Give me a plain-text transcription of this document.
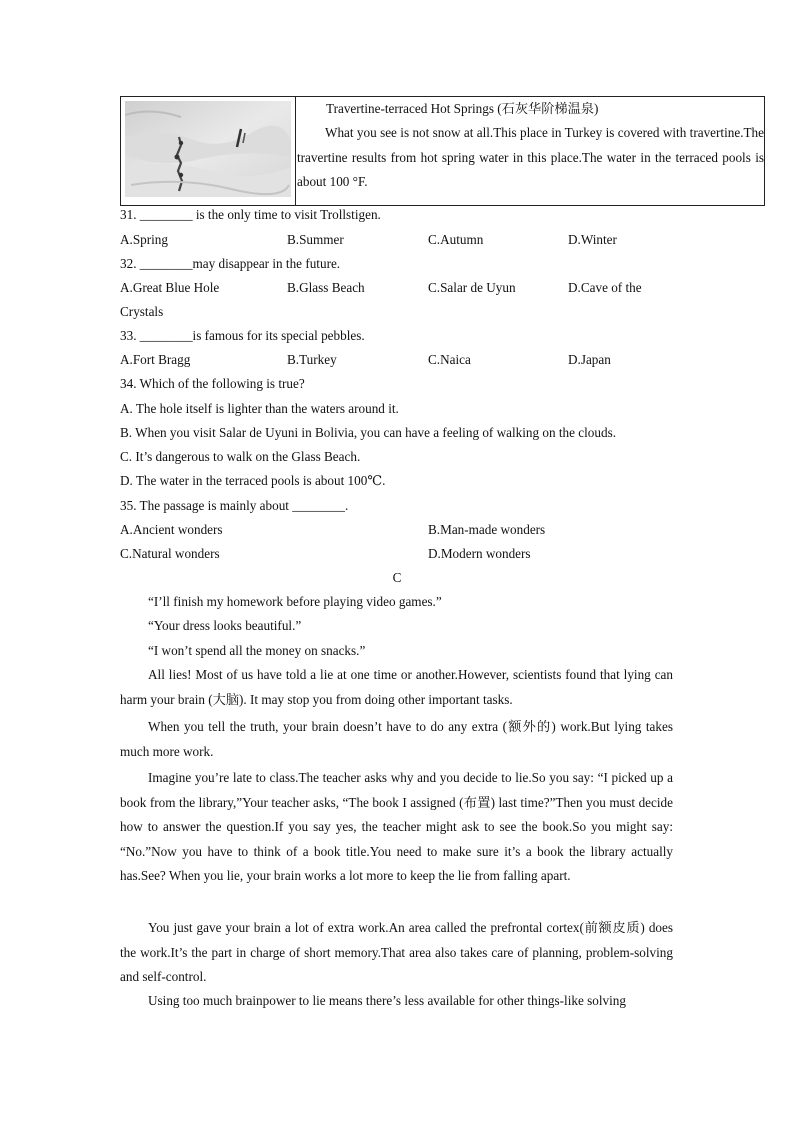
Travertine-terraced Hot Springs (石灰华阶梯温泉)
What you see is not snow at all.This place in Turkey is covered with travertine.The travertine results from hot spring water in this place.The water in the terraced pools is about 100 °F.
31. ________ is the only time to visit Trollstigen.
A.Spring	B.Summer	C.Autumn	D.Winter
32. ________may disappear in the future.
A.Great Blue Hole	B.Glass Beach	C.Salar de Uyun	D.Cave of the
Crystals
33. ________is famous for its special pebbles.
A.Fort Bragg	B.Turkey	C.Naica	D.Japan
34. Which of the following is true?
A. The hole itself is lighter than the waters around it.
B. When you visit Salar de Uyuni in Bolivia, you can have a feeling of walking on the clouds.
C. It’s dangerous to walk on the Glass Beach.
D. The water in the terraced pools is about 100℃.
35. The passage is mainly about ________.
A.Ancient wonders	B.Man-made wonders
C.Natural wonders	D.Modern wonders
C
“I’ll finish my homework before playing video games.”
“Your dress looks beautiful.”
“I won’t spend all the money on snacks.”
All lies! Most of us have told a lie at one time or another.However, scientists found that lying can harm your brain (大脑). It may stop you from doing other important tasks.
When you tell the truth, your brain doesn’t have to do any extra (额外的) work.But lying takes much more work.
Imagine you’re late to class.The teacher asks why and you decide to lie.So you say: “I picked up a book from the library,”Your teacher asks, “The book I assigned (布置) last time?”Then you must decide how to answer the question.If you say yes, the teacher might ask to see the book.So you might say: “No.”Now you have to think of a book title.You need to make sure it’s a book the library actually has.See? When you lie, your brain works a lot more to keep the lie from falling apart.
You just gave your brain a lot of extra work.An area called the prefrontal cortex(前额皮质) does the work.It’s the part in charge of short memory.That area also takes care of planning, problem-solving and self-control.
Using too much brainpower to lie means there’s less available for other things-like solving
